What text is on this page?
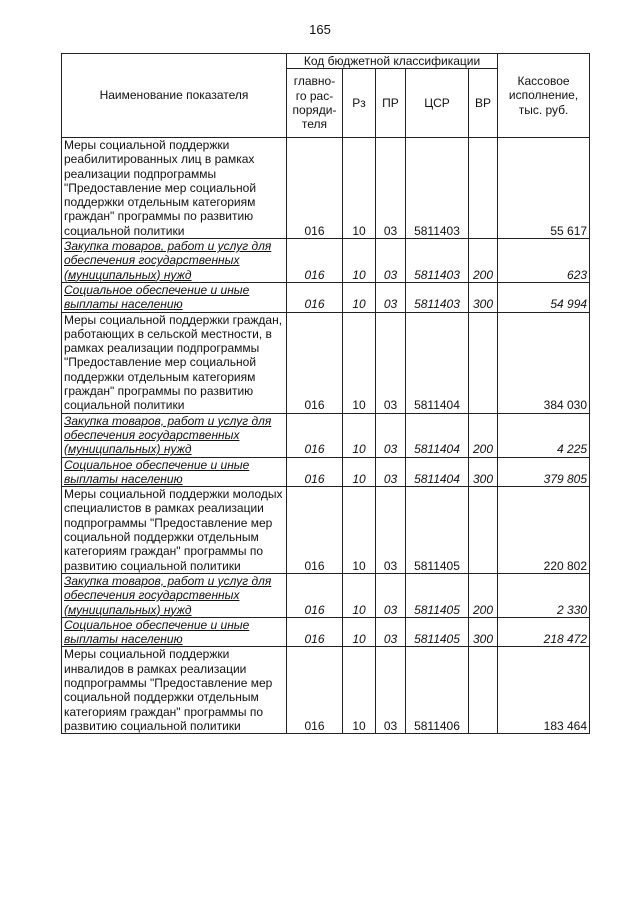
165
Наименование показателя	Код бюджетной классификации					Кассовое исполнение, тыс. руб.
	главно- го рас- поряди- теля	Рз	ПР	ЦСР	ВР	
Меры социальной поддержки реабилитированных лиц в рамках реализации подпрограммы "Предоставление мер социальной поддержки отдельным категориям граждан" программы по развитию социальной политики	016	10	03	5811403		55 617
Закупка товаров, работ и услуг для обеспечения государственных (муниципальных) нужд	016	10	03	5811403	200	623
Социальное обеспечение и иные выплаты населению	016	10	03	5811403	300	54 994
Меры социальной поддержки граждан, работающих в сельской местности, в рамках реализации подпрограммы "Предоставление мер социальной поддержки отдельным категориям граждан" программы по развитию социальной политики	016	10	03	5811404		384 030
Закупка товаров, работ и услуг для обеспечения государственных (муниципальных) нужд	016	10	03	5811404	200	4 225
Социальное обеспечение и иные выплаты населению	016	10	03	5811404	300	379 805
Меры социальной поддержки молодых специалистов в рамках реализации подпрограммы "Предоставление мер социальной поддержки отдельным категориям граждан" программы по развитию социальной политики	016	10	03	5811405		220 802
Закупка товаров, работ и услуг для обеспечения государственных (муниципальных) нужд	016	10	03	5811405	200	2 330
Социальное обеспечение и иные выплаты населению	016	10	03	5811405	300	218 472
Меры социальной поддержки инвалидов в рамках реализации подпрограммы "Предоставление мер социальной поддержки отдельным категориям граждан" программы по развитию социальной политики	016	10	03	5811406		183 464
